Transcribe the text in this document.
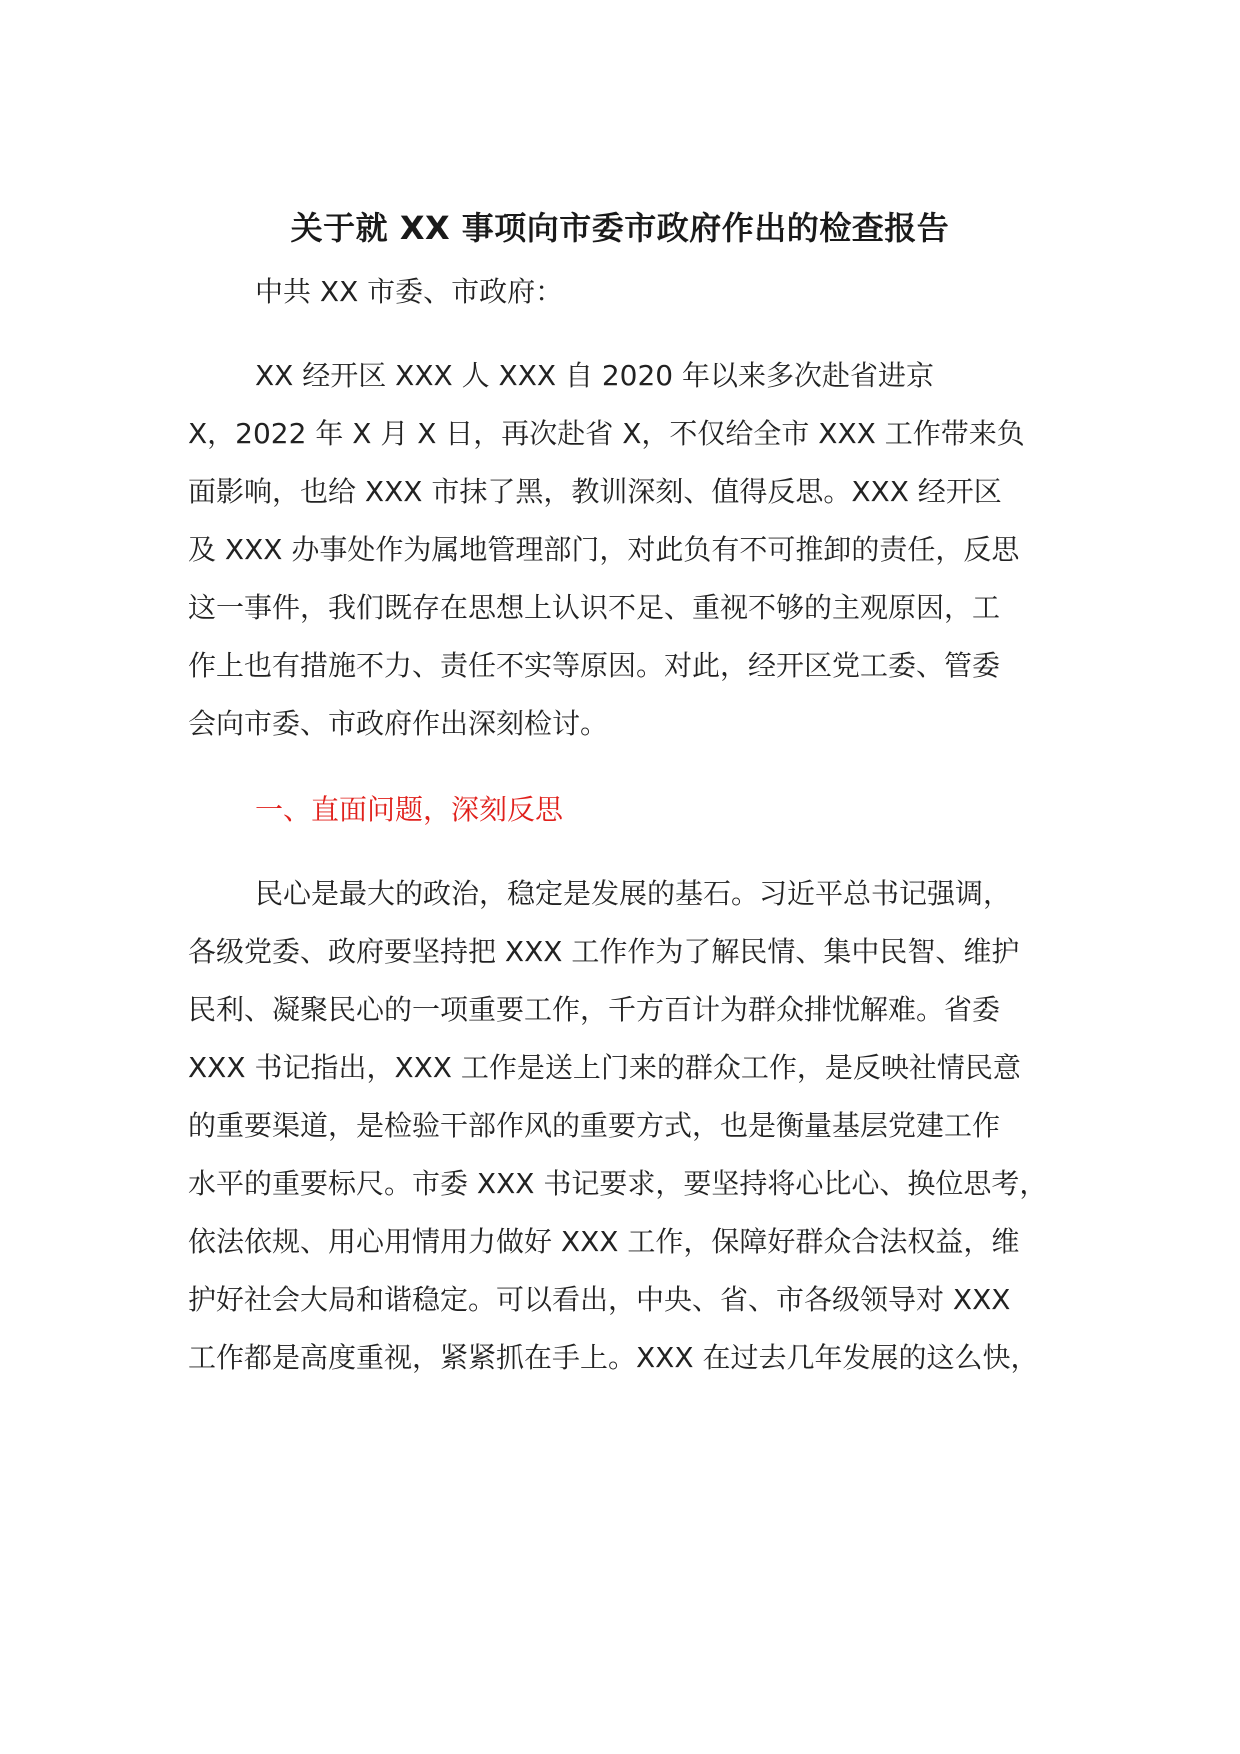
关于就 XX 事项向市委市政府作出的检查报告
中共 XX 市委、市政府：
XX 经开区 XXX 人 XXX 自 2020 年以来多次赴省进京
X，2022 年 X 月 X 日，再次赴省 X，不仅给全市 XXX 工作带来负
面影响，也给 XXX 市抹了黑，教训深刻、值得反思。XXX 经开区
及 XXX 办事处作为属地管理部门，对此负有不可推卸的责任，反思
这一事件，我们既存在思想上认识不足、重视不够的主观原因，工
作上也有措施不力、责任不实等原因。对此，经开区党工委、管委
会向市委、市政府作出深刻检讨。
一、直面问题，深刻反思
民心是最大的政治，稳定是发展的基石。习近平总书记强调，
各级党委、政府要坚持把 XXX 工作作为了解民情、集中民智、维护
民利、凝聚民心的一项重要工作，千方百计为群众排忧解难。省委
XXX 书记指出，XXX 工作是送上门来的群众工作，是反映社情民意
的重要渠道，是检验干部作风的重要方式，也是衡量基层党建工作
水平的重要标尺。市委 XXX 书记要求，要坚持将心比心、换位思考，
依法依规、用心用情用力做好 XXX 工作，保障好群众合法权益，维
护好社会大局和谐稳定。可以看出，中央、省、市各级领导对 XXX
工作都是高度重视，紧紧抓在手上。XXX 在过去几年发展的这么快，
